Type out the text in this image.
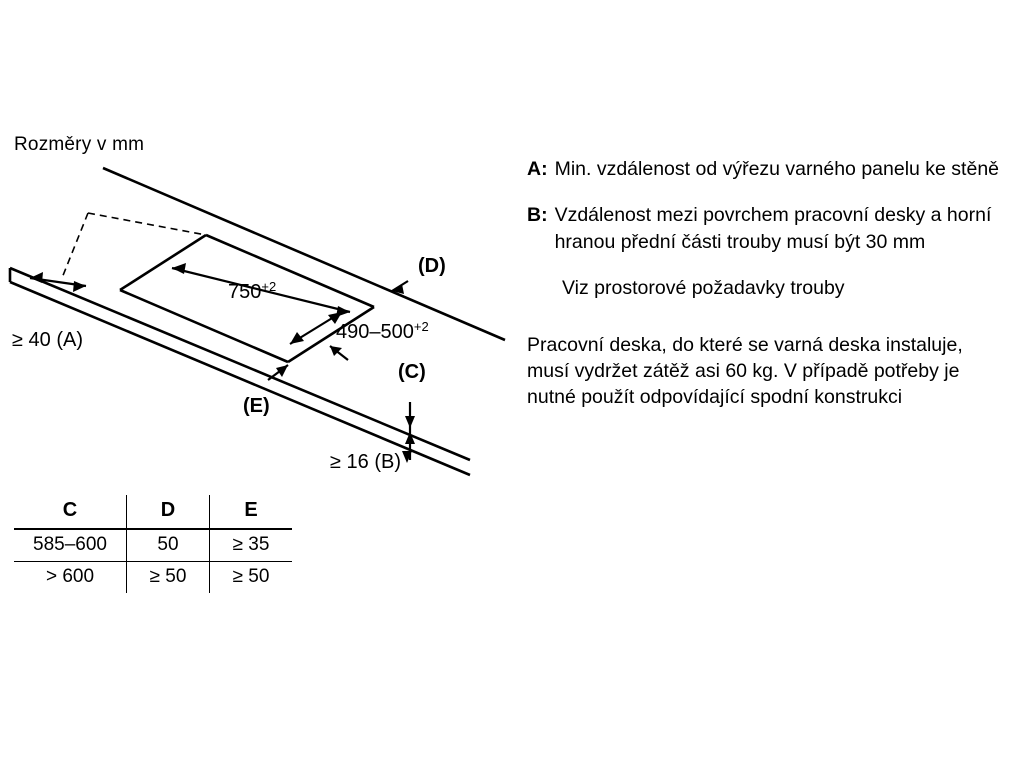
Rozměry v mm
$750^{+2}$
$490-500^{+2}$
≥ 40 (A)
≥ 16 (B)
(C)
(D)
(E)
C	D	E
585–600	50	≥ 35
> 600	≥ 50	≥ 50
A: Min. vzdálenost od výřezu varného panelu ke stěně
B: Vzdálenost mezi povrchem pracovní desky a horní hranou přední části trouby musí být 30 mm
Viz prostorové požadavky trouby
Pracovní deska, do které se varná deska instaluje, musí vydržet zátěž asi 60 kg. V případě potřeby je nutné použít odpovídající spodní konstrukci
